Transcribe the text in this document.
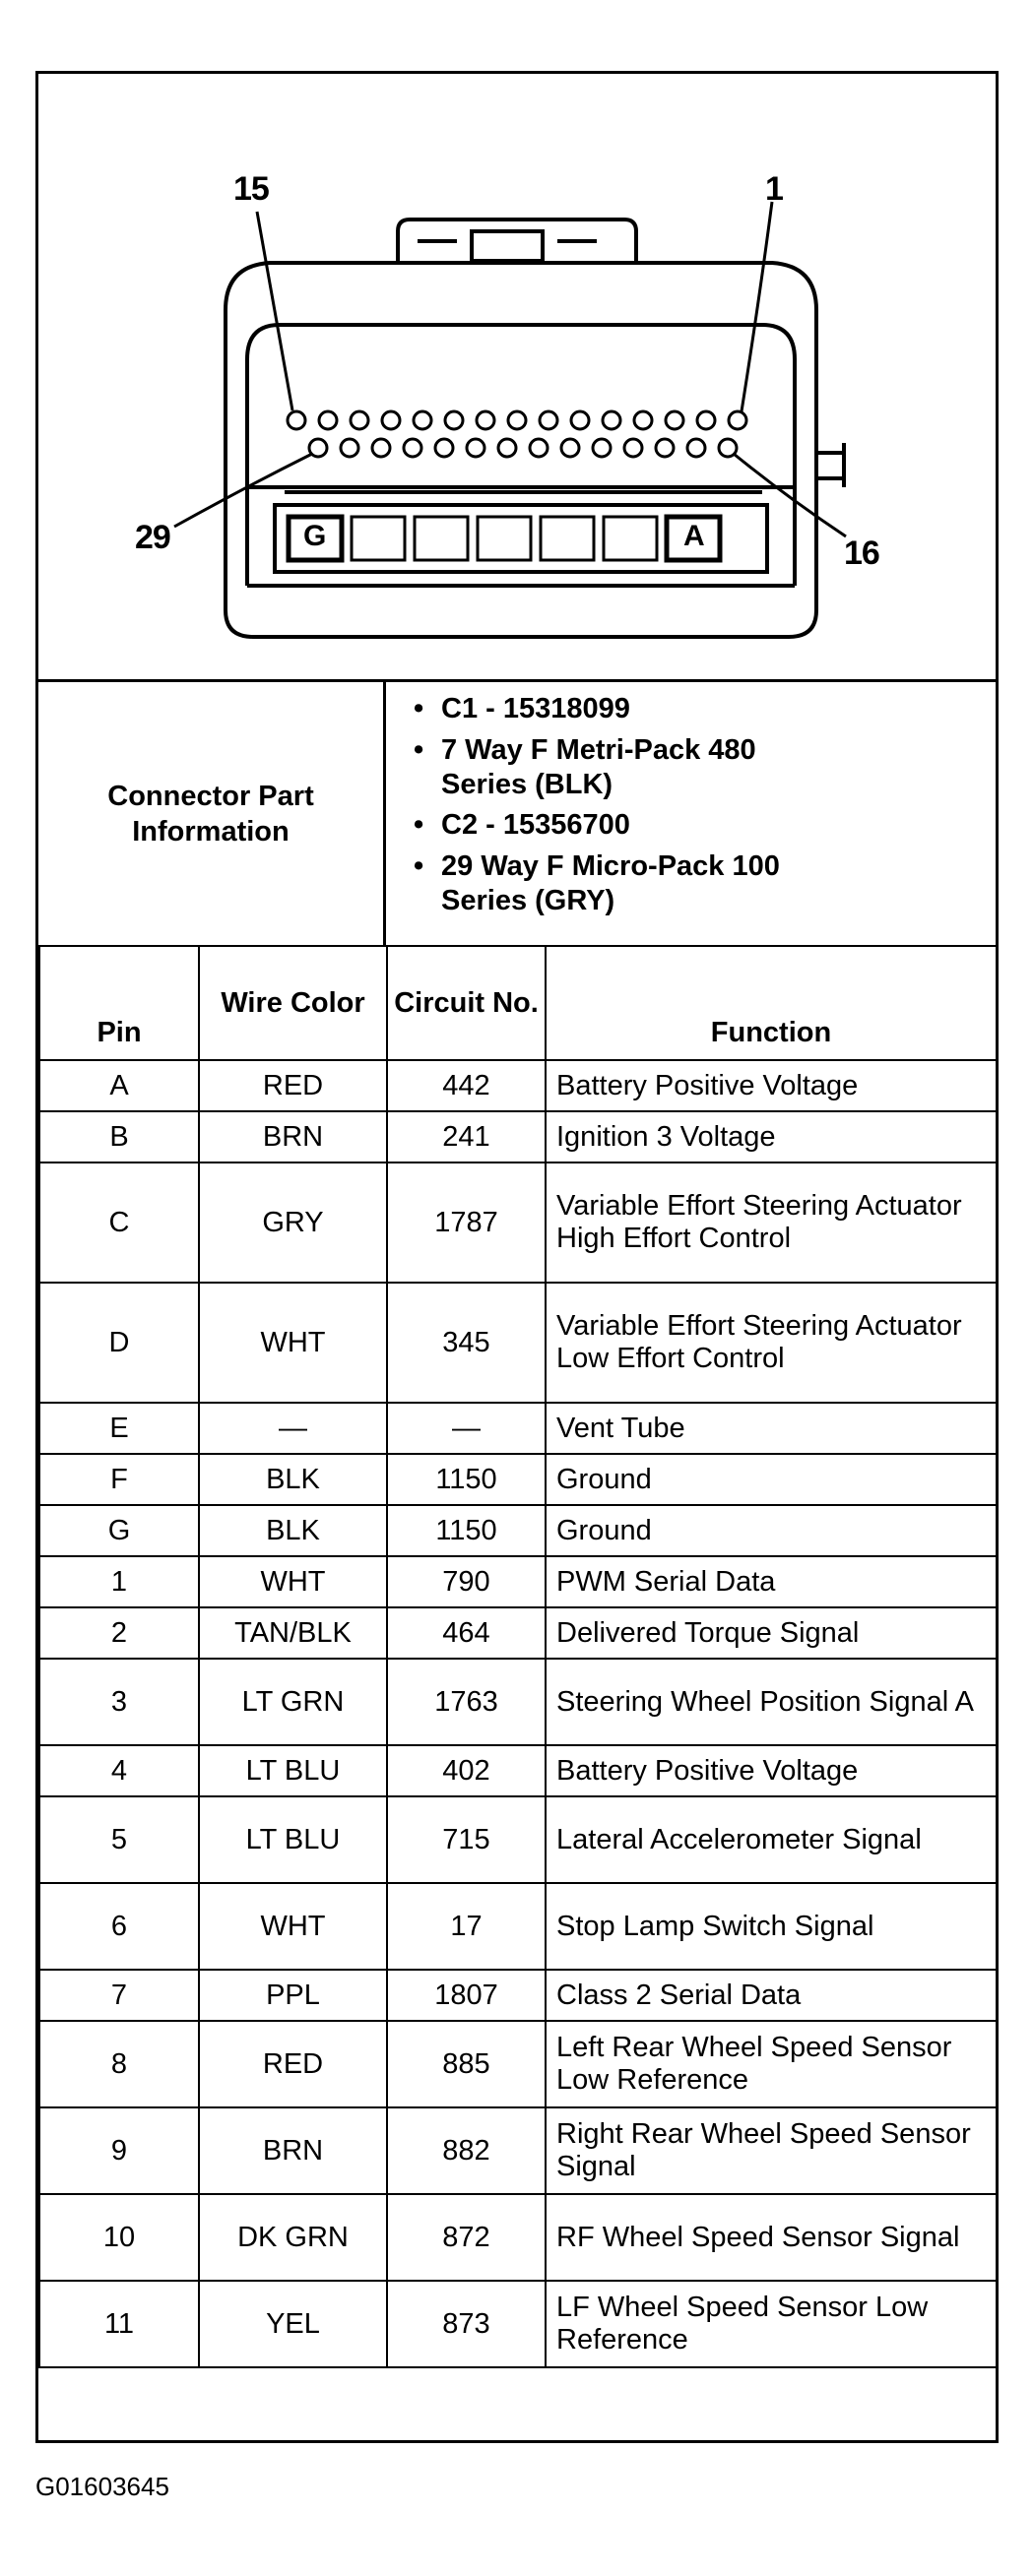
15	1
29	16
G	A
Connector Part Information
• C1 - 15318099
• 7 Way F Metri-Pack 480 Series (BLK)
• C2 - 15356700
• 29 Way F Micro-Pack 100 Series (GRY)
Pin	Wire Color	Circuit No.	Function
A	RED	442	Battery Positive Voltage
B	BRN	241	Ignition 3 Voltage
C	GRY	1787	Variable Effort Steering Actuator High Effort Control
D	WHT	345	Variable Effort Steering Actuator Low Effort Control
E	—	—	Vent Tube
F	BLK	1150	Ground
G	BLK	1150	Ground
1	WHT	790	PWM Serial Data
2	TAN/BLK	464	Delivered Torque Signal
3	LT GRN	1763	Steering Wheel Position Signal A
4	LT BLU	402	Battery Positive Voltage
5	LT BLU	715	Lateral Accelerometer Signal
6	WHT	17	Stop Lamp Switch Signal
7	PPL	1807	Class 2 Serial Data
8	RED	885	Left Rear Wheel Speed Sensor Low Reference
9	BRN	882	Right Rear Wheel Speed Sensor Signal
10	DK GRN	872	RF Wheel Speed Sensor Signal
11	YEL	873	LF Wheel Speed Sensor Low Reference
G01603645
